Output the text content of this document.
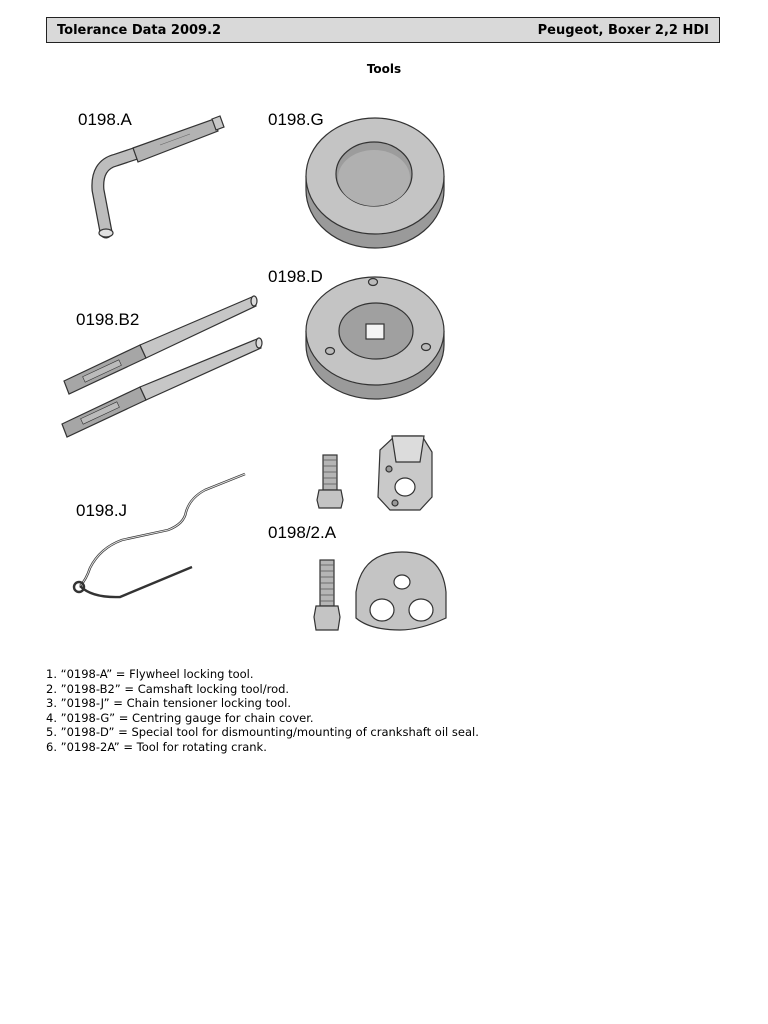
Tolerance Data 2009.2	Peugeot, Boxer 2,2 HDI
Tools
0198.A	0198.G
0198.D
0198.B2
0198.J
0198/2.A
1. “0198-A” = Flywheel locking tool.
2. ”0198-B2” = Camshaft locking tool/rod.
3. ”0198-J” = Chain tensioner locking tool.
4. ”0198-G” = Centring gauge for chain cover.
5. ”0198-D” = Special tool for dismounting/mounting of crankshaft oil seal.
6. ”0198-2A” = Tool for rotating crank.
